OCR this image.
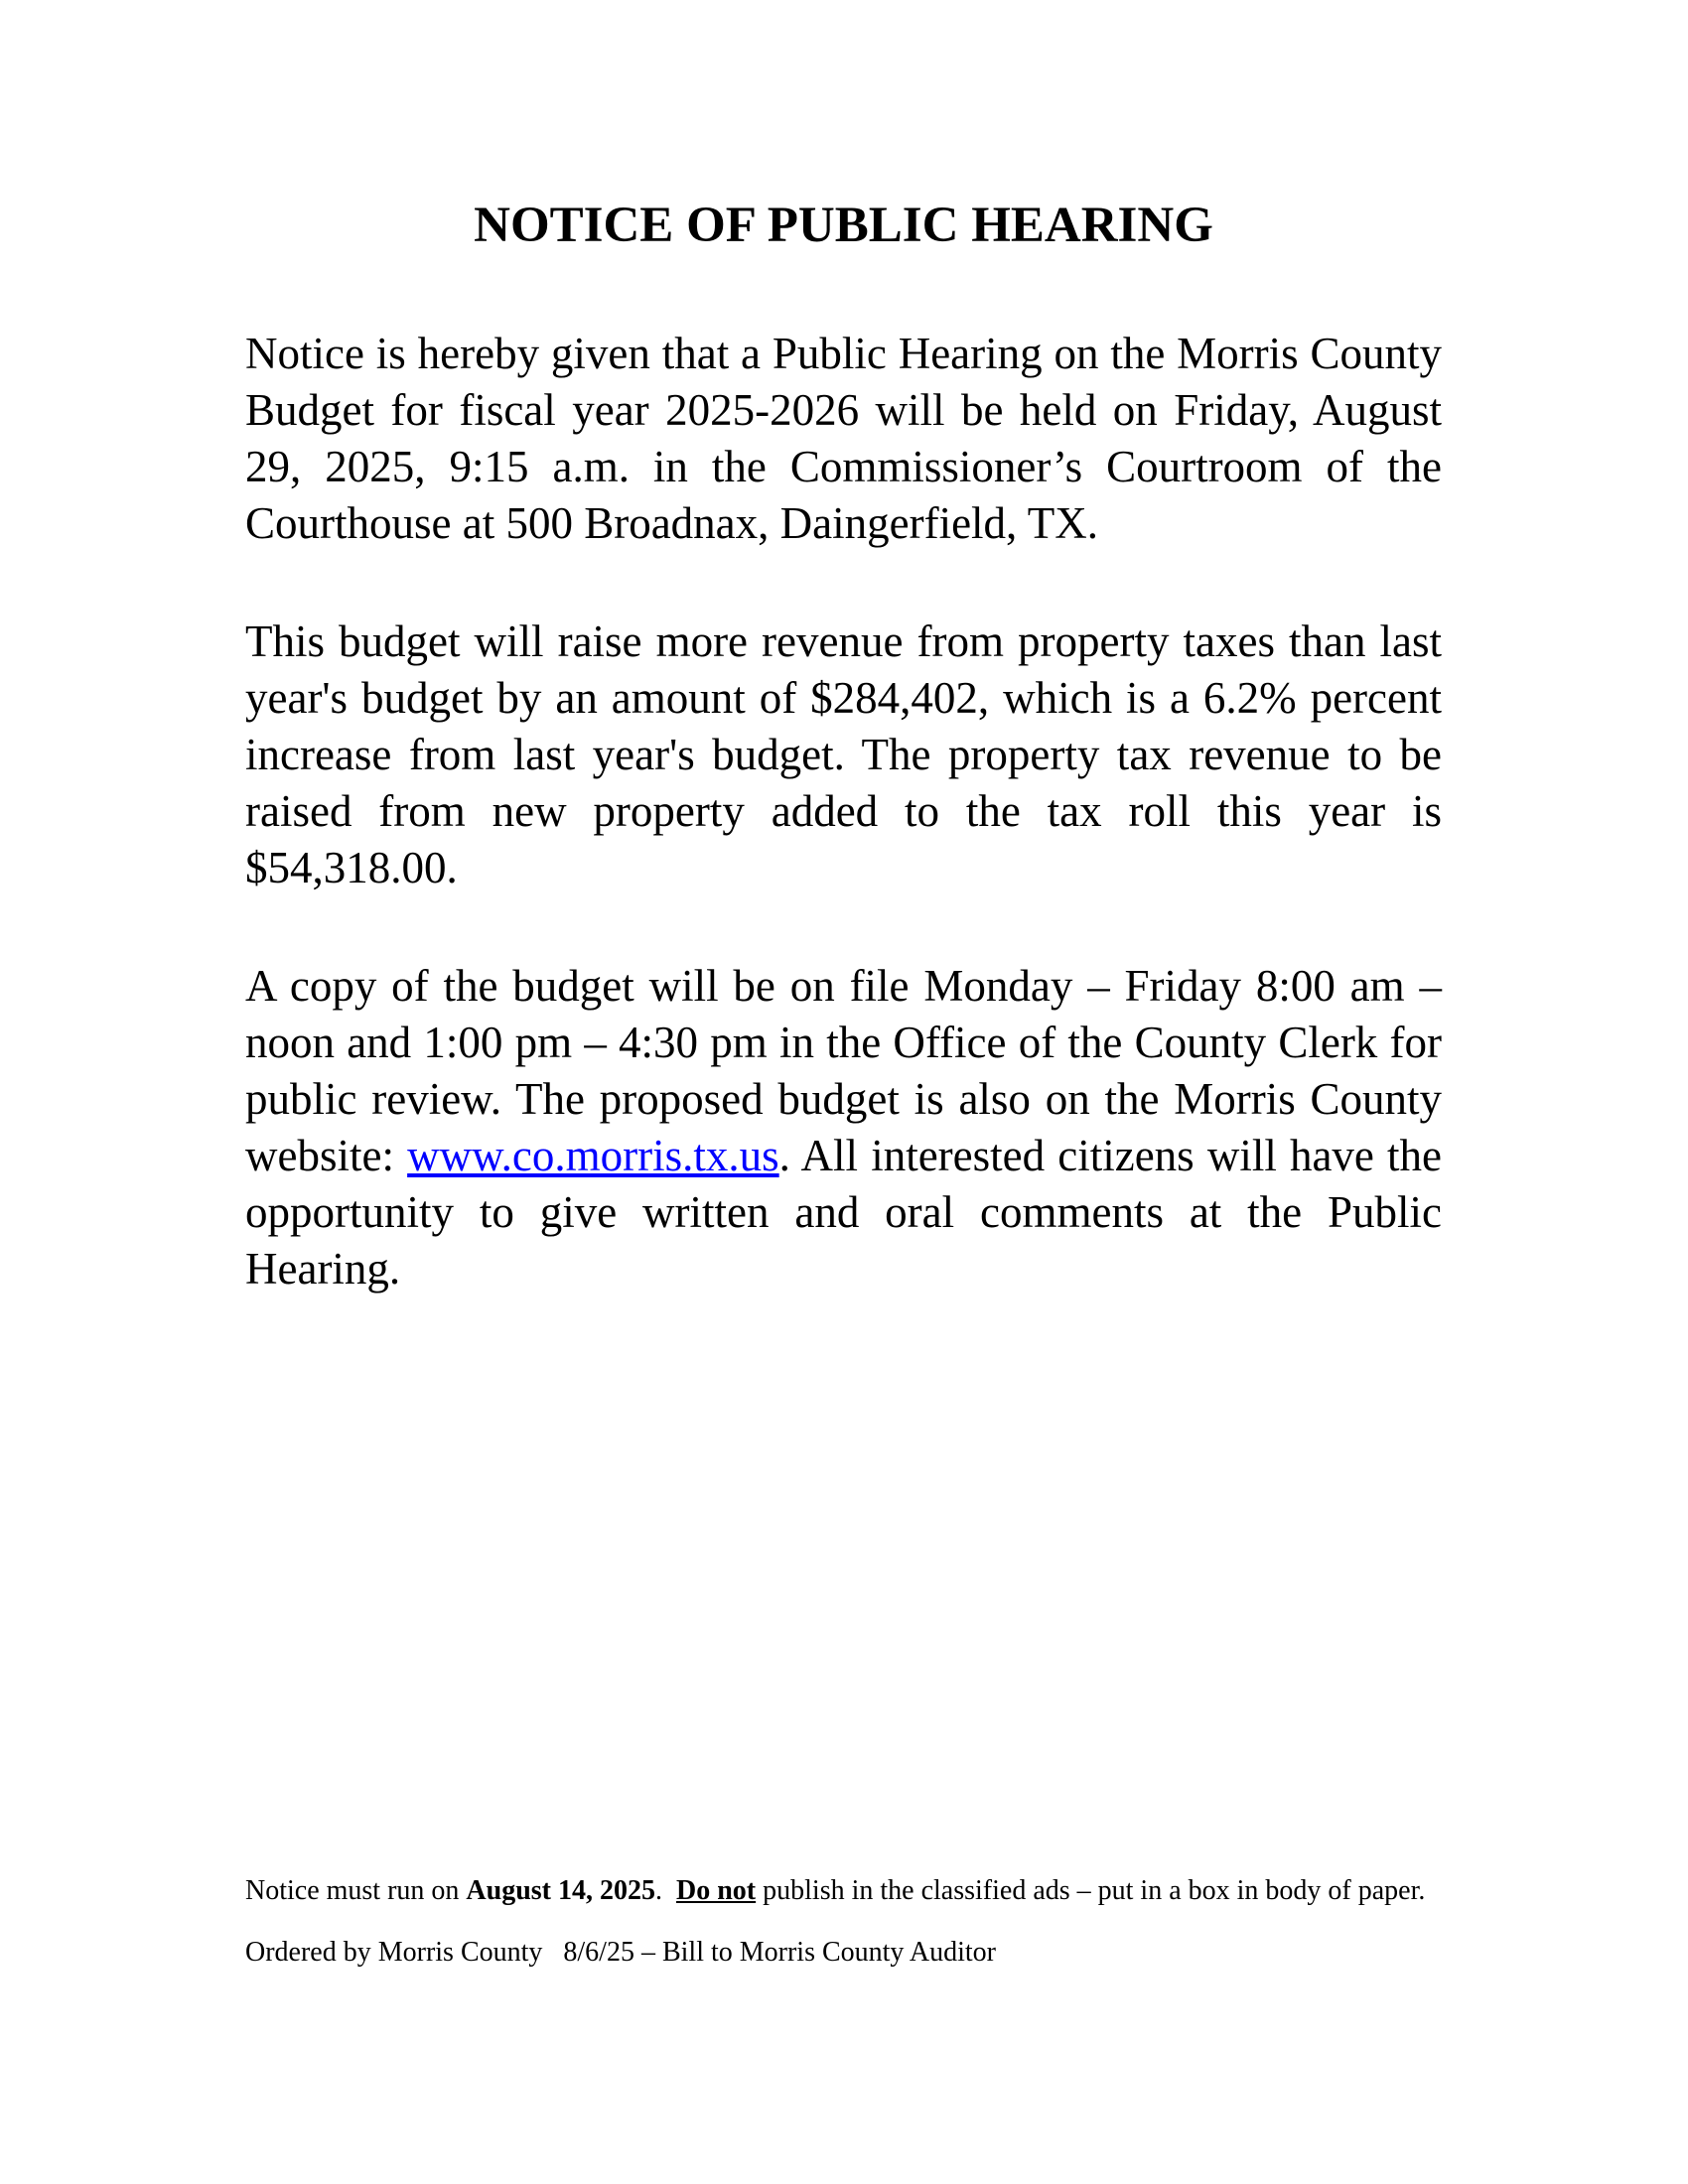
NOTICE OF PUBLIC HEARING

Notice is hereby given that a Public Hearing on the Morris County Budget for fiscal year 2025-2026 will be held on Friday, August 29, 2025, 9:15 a.m. in the Commissioner’s Courtroom of the Courthouse at 500 Broadnax, Daingerfield, TX.

This budget will raise more revenue from property taxes than last year's budget by an amount of $284,402, which is a 6.2% percent increase from last year's budget. The property tax revenue to be raised from new property added to the tax roll this year is $54,318.00.

A copy of the budget will be on file Monday – Friday 8:00 am –noon and 1:00 pm – 4:30 pm in the Office of the County Clerk for public review. The proposed budget is also on the Morris County website: www.co.morris.tx.us. All interested citizens will have the opportunity to give written and oral comments at the Public Hearing.

Notice must run on August 14, 2025.  Do not publish in the classified ads – put in a box in body of paper.
Ordered by Morris County   8/6/25 – Bill to Morris County Auditor
